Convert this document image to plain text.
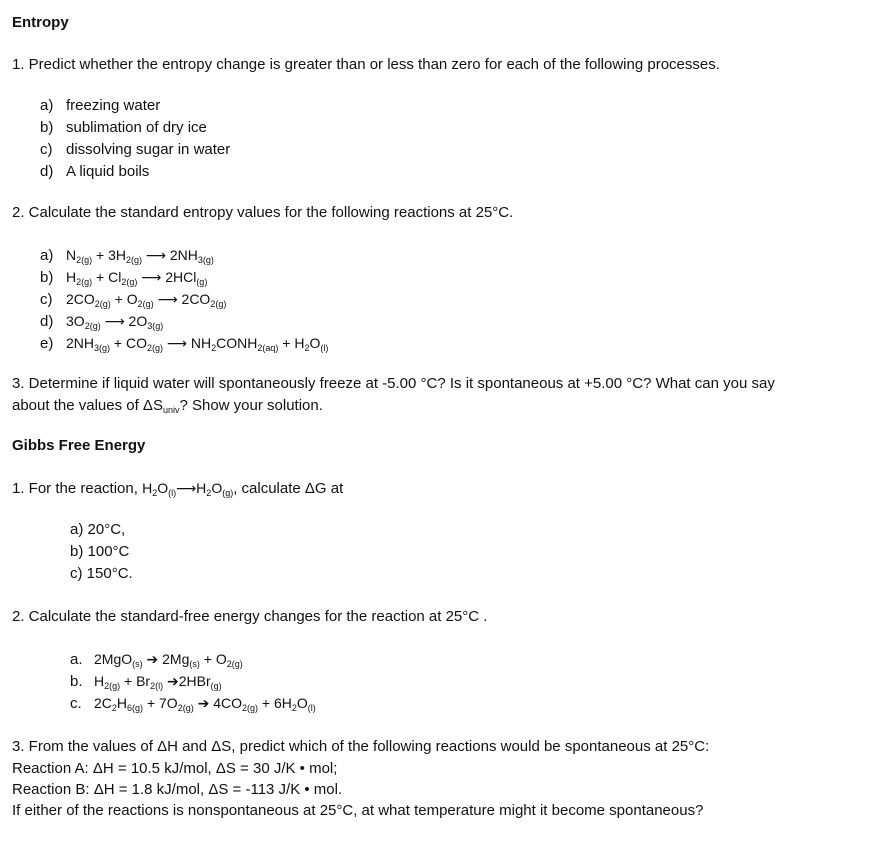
Entropy
1. Predict whether the entropy change is greater than or less than zero for each of the following processes.
a) freezing water
b) sublimation of dry ice
c) dissolving sugar in water
d) A liquid boils
2. Calculate the standard entropy values for the following reactions at 25°C.
a) $N_{2(g)} + 3H_{2(g)}$ ⟶ $2NH_{3(g)}$
b) $H_{2(g)} + Cl_{2(g)}$ ⟶ 2HCl$_{(g)}$
c) $2CO_{2(g)} + O_{2(g)}$ ⟶ $2CO_{2(g)}$
d) $3O_{2(g)}$ ⟶ $2O_{3(g)}$
e) $2NH_{3(g)} + CO_{2(g)}$ ⟶ $NH_2CONH_{2(aq)} + H_2O_{(l)}$
3. Determine if liquid water will spontaneously freeze at -5.00 °C? Is it spontaneous at +5.00 °C? What can you say
about the values of $\Delta S_{univ}$? Show your solution.
Gibbs Free Energy
1. For the reaction, $H_2O_{(l)}⟶H_2O_{(g)}$, calculate ΔG at
a) 20°C,
b) 100°C
c) 150°C.
2. Calculate the standard-free energy changes for the reaction at 25°C .
a. 2MgO$_{(s)}$ ➔ $2Mg_{(s)} + O_{2(g)}$
b. $H_{2(g)} + Br_{2(l)}$ ➔2HBr$_{(g)}$
c. $2C_2H_{6(g)} + 7O_{2(g)}$ ➔ $4CO_{2(g)} + 6H_2O_{(l)}$
3. From the values of ΔH and ΔS, predict which of the following reactions would be spontaneous at 25°C:
Reaction A: ΔH = 10.5 kJ/mol, ΔS = 30 J/K • mol;
Reaction B: ΔH = 1.8 kJ/mol, ΔS = -113 J/K • mol.
If either of the reactions is nonspontaneous at 25°C, at what temperature might it become spontaneous?
